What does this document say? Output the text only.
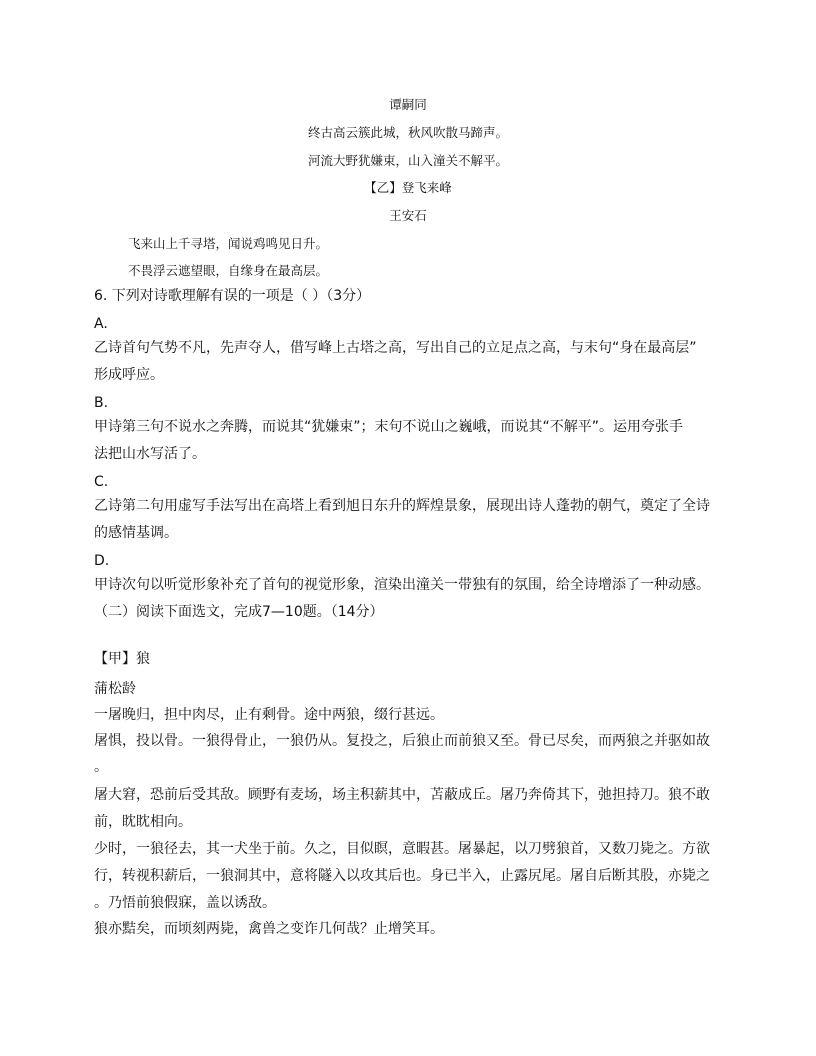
谭嗣同
终古高云簇此城，秋风吹散马蹄声。
河流大野犹嫌束，山入潼关不解平。
【乙】登飞来峰
王安石
飞来山上千寻塔，闻说鸡鸣见日升。
不畏浮云遮望眼，自缘身在最高层。
6. 下列对诗歌理解有误的一项是（ ）（3分）
A.
乙诗首句气势不凡，先声夺人，借写峰上古塔之高，写出自己的立足点之高，与末句“身在最高层”
形成呼应。
B.
甲诗第三句不说水之奔腾，而说其“犹嫌束”；末句不说山之巍峨，而说其“不解平”。运用夸张手
法把山水写活了。
C.
乙诗第二句用虚写手法写出在高塔上看到旭日东升的辉煌景象，展现出诗人蓬勃的朝气，奠定了全诗
的感情基调。
D.
甲诗次句以听觉形象补充了首句的视觉形象，渲染出潼关一带独有的氛围，给全诗增添了一种动感。
（二）阅读下面选文，完成7—10题。（14分）
【甲】狼
蒲松龄
一屠晚归，担中肉尽，止有剩骨。途中两狼，缀行甚远。
屠惧，投以骨。一狼得骨止，一狼仍从。复投之，后狼止而前狼又至。骨已尽矣，而两狼之并驱如故
。
屠大窘，恐前后受其敌。顾野有麦场，场主积薪其中，苫蔽成丘。屠乃奔倚其下，弛担持刀。狼不敢
前，眈眈相向。
少时，一狼径去，其一犬坐于前。久之，目似瞑，意暇甚。屠暴起，以刀劈狼首，又数刀毙之。方欲
行，转视积薪后，一狼洞其中，意将隧入以攻其后也。身已半入，止露尻尾。屠自后断其股，亦毙之
。乃悟前狼假寐，盖以诱敌。
狼亦黠矣，而顷刻两毙，禽兽之变诈几何哉？止增笑耳。
